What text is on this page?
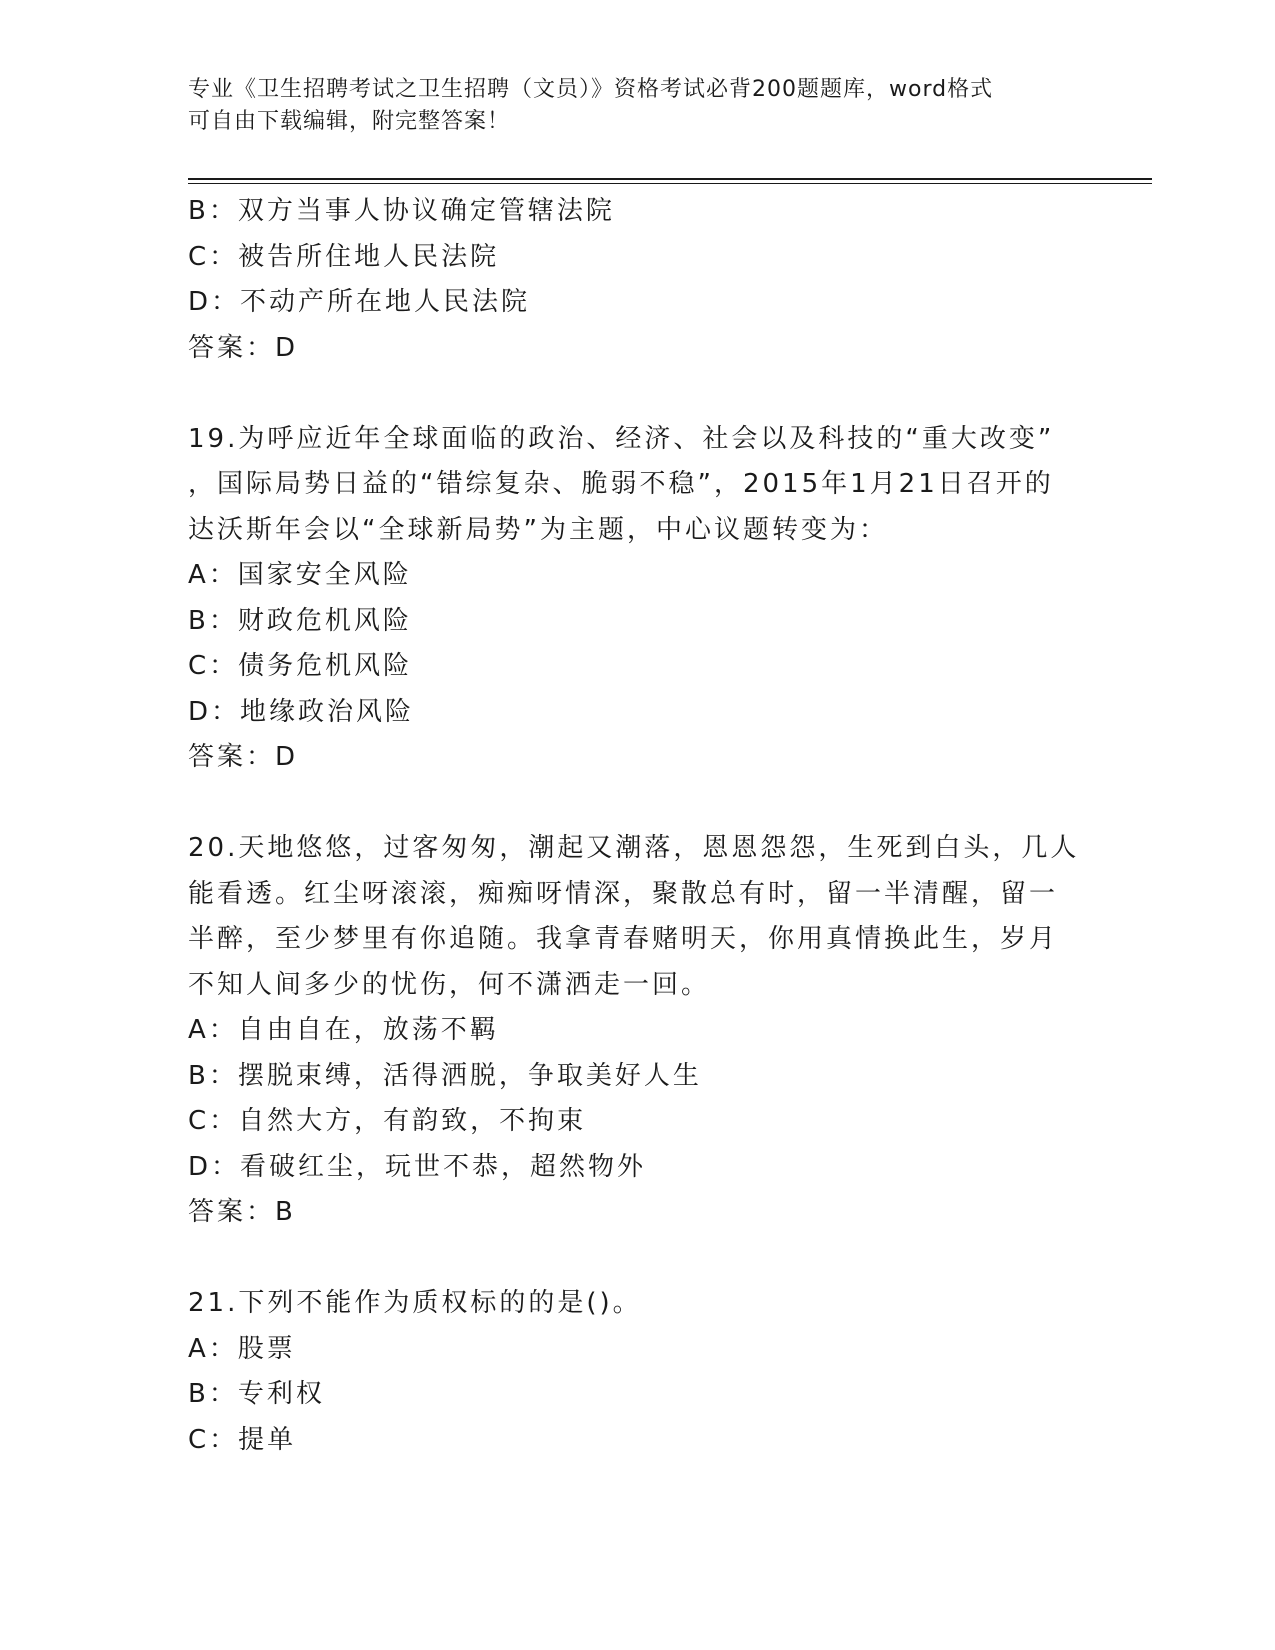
专业《卫生招聘考试之卫生招聘（文员）》资格考试必背200题题库，word格式
可自由下载编辑，附完整答案！

B：双方当事人协议确定管辖法院

C：被告所住地人民法院

D：不动产所在地人民法院

答案：D

19.为呼应近年全球面临的政治、经济、社会以及科技的“重大改变”

，国际局势日益的“错综复杂、脆弱不稳”，2015年1月21日召开的

达沃斯年会以“全球新局势”为主题，中心议题转变为：

A：国家安全风险

B：财政危机风险

C：债务危机风险

D：地缘政治风险

答案：D

20.天地悠悠，过客匆匆，潮起又潮落，恩恩怨怨，生死到白头，几人

能看透。红尘呀滚滚，痴痴呀情深，聚散总有时，留一半清醒，留一

半醉，至少梦里有你追随。我拿青春赌明天，你用真情换此生，岁月

不知人间多少的忧伤，何不潇洒走一回。

A：自由自在，放荡不羁

B：摆脱束缚，活得洒脱，争取美好人生

C：自然大方，有韵致，不拘束

D：看破红尘，玩世不恭，超然物外

答案：B

21.下列不能作为质权标的的是()。

A：股票

B：专利权

C：提单
